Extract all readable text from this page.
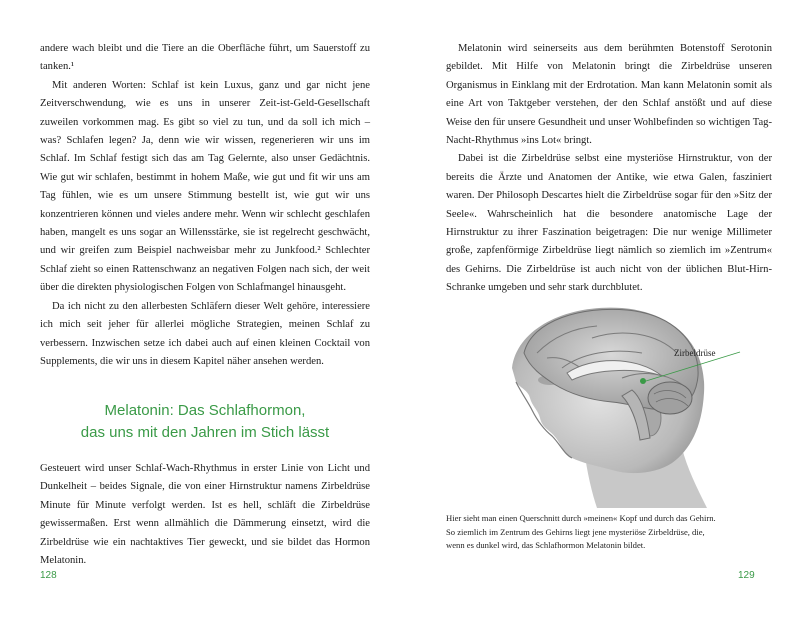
andere wach bleibt und die Tiere an die Oberfläche führt, um Sauerstoff zu tanken.¹

Mit anderen Worten: Schlaf ist kein Luxus, ganz und gar nicht jene Zeitverschwendung, wie es uns in unserer Zeit-ist-Geld-Gesellschaft zuweilen vorkommen mag. Es gibt so viel zu tun, und da soll ich mich – was? Schlafen legen? Ja, denn wie wir wissen, regenerieren wir uns im Schlaf. Im Schlaf festigt sich das am Tag Gelernte, also unser Gedächtnis. Wie gut wir schlafen, bestimmt in hohem Maße, wie gut und fit wir uns am Tag fühlen, wie es um unsere Stimmung bestellt ist, wie gut wir uns konzentrieren können und vieles andere mehr. Wenn wir schlecht geschlafen haben, mangelt es uns sogar an Willensstärke, sie ist regelrecht geschwächt, und wir greifen zum Beispiel nachweisbar mehr zu Junkfood.² Schlechter Schlaf zieht so einen Rattenschwanz an negativen Folgen nach sich, der weit über die direkten physiologischen Folgen von Schlafmangel hinausgeht.

Da ich nicht zu den allerbesten Schläfern dieser Welt gehöre, interessiere ich mich seit jeher für allerlei mögliche Strategien, meinen Schlaf zu verbessern. Inzwischen setze ich dabei auch auf einen kleinen Cocktail von Supplements, die wir uns in diesem Kapitel näher ansehen werden.

Melatonin: Das Schlafhormon,
das uns mit den Jahren im Stich lässt

Gesteuert wird unser Schlaf-Wach-Rhythmus in erster Linie von Licht und Dunkelheit – beides Signale, die von einer Hirnstruktur namens Zirbeldrüse Minute für Minute verfolgt werden. Ist es hell, schläft die Zirbeldrüse gewissermaßen. Erst wenn allmählich die Dämmerung einsetzt, wird die Zirbeldrüse wie ein nachtaktives Tier geweckt, und sie bildet das Hormon Melatonin.

128

Melatonin wird seinerseits aus dem berühmten Botenstoff Serotonin gebildet. Mit Hilfe von Melatonin bringt die Zirbeldrüse unseren Organismus in Einklang mit der Erdrotation. Man kann Melatonin somit als eine Art von Taktgeber verstehen, der den Schlaf anstößt und auf diese Weise den für unsere Gesundheit und unser Wohlbefinden so wichtigen Tag-Nacht-Rhythmus »ins Lot« bringt.

Dabei ist die Zirbeldrüse selbst eine mysteriöse Hirnstruktur, von der bereits die Ärzte und Anatomen der Antike, wie etwa Galen, fasziniert waren. Der Philosoph Descartes hielt die Zirbeldrüse sogar für den »Sitz der Seele«. Wahrscheinlich hat die besondere anatomische Lage der Hirnstruktur zu ihrer Faszination beigetragen: Die nur wenige Millimeter große, zapfenförmige Zirbeldrüse liegt nämlich so ziemlich im »Zentrum« des Gehirns. Die Zirbeldrüse ist auch nicht von der üblichen Blut-Hirn-Schranke umgeben und sehr stark durchblutet.

Zirbeldrüse
Hier sieht man einen Querschnitt durch »meinen« Kopf und durch das Gehirn.
So ziemlich im Zentrum des Gehirns liegt jene mysteriöse Zirbeldrüse, die,
wenn es dunkel wird, das Schlafhormon Melatonin bildet.
129
